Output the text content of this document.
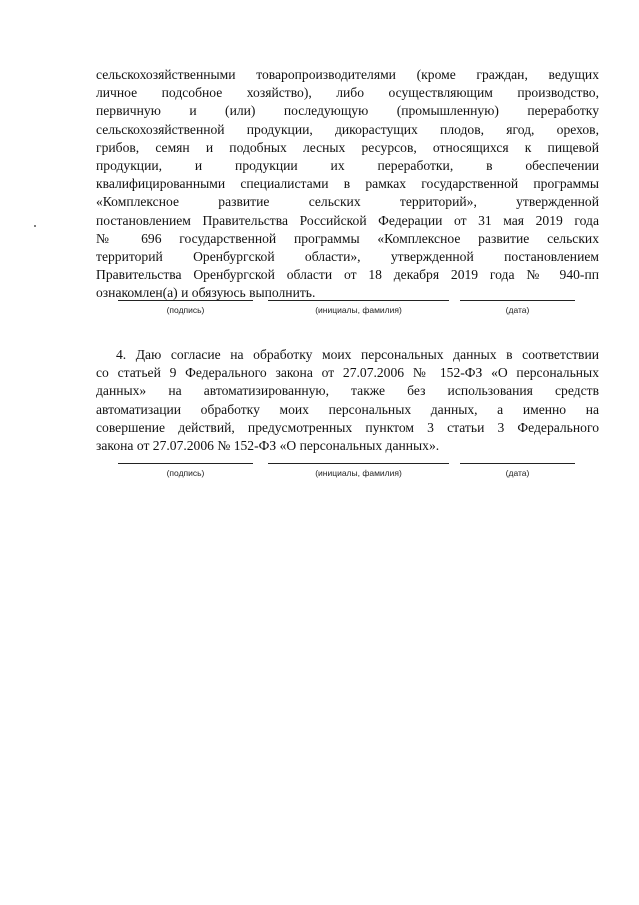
сельскохозяйственными товаропроизводителями (кроме граждан, ведущих
личное подсобное хозяйство), либо осуществляющим производство,
первичную и (или) последующую (промышленную) переработку
сельскохозяйственной продукции, дикорастущих плодов, ягод, орехов,
грибов, семян и подобных лесных ресурсов, относящихся к пищевой
продукции, и продукции их переработки, в обеспечении
квалифицированными специалистами в рамках государственной программы
«Комплексное развитие сельских территорий», утвержденной
постановлением Правительства Российской Федерации от 31 мая 2019 года
№ 696 государственной программы «Комплексное развитие сельских
территорий Оренбургской области», утвержденной постановлением
Правительства Оренбургской области от 18 декабря 2019 года № 940-пп
ознакомлен(а) и обязуюсь выполнить.
(подпись)	(инициалы, фамилия)	(дата)
4. Даю согласие на обработку моих персональных данных в соответствии
со статьей 9 Федерального закона от 27.07.2006 № 152-ФЗ «О персональных
данных» на автоматизированную, также без использования средств
автоматизации обработку моих персональных данных, а именно на
совершение действий, предусмотренных пунктом 3 статьи 3 Федерального
закона от 27.07.2006 № 152-ФЗ «О персональных данных».
(подпись)	(инициалы, фамилия)	(дата)
